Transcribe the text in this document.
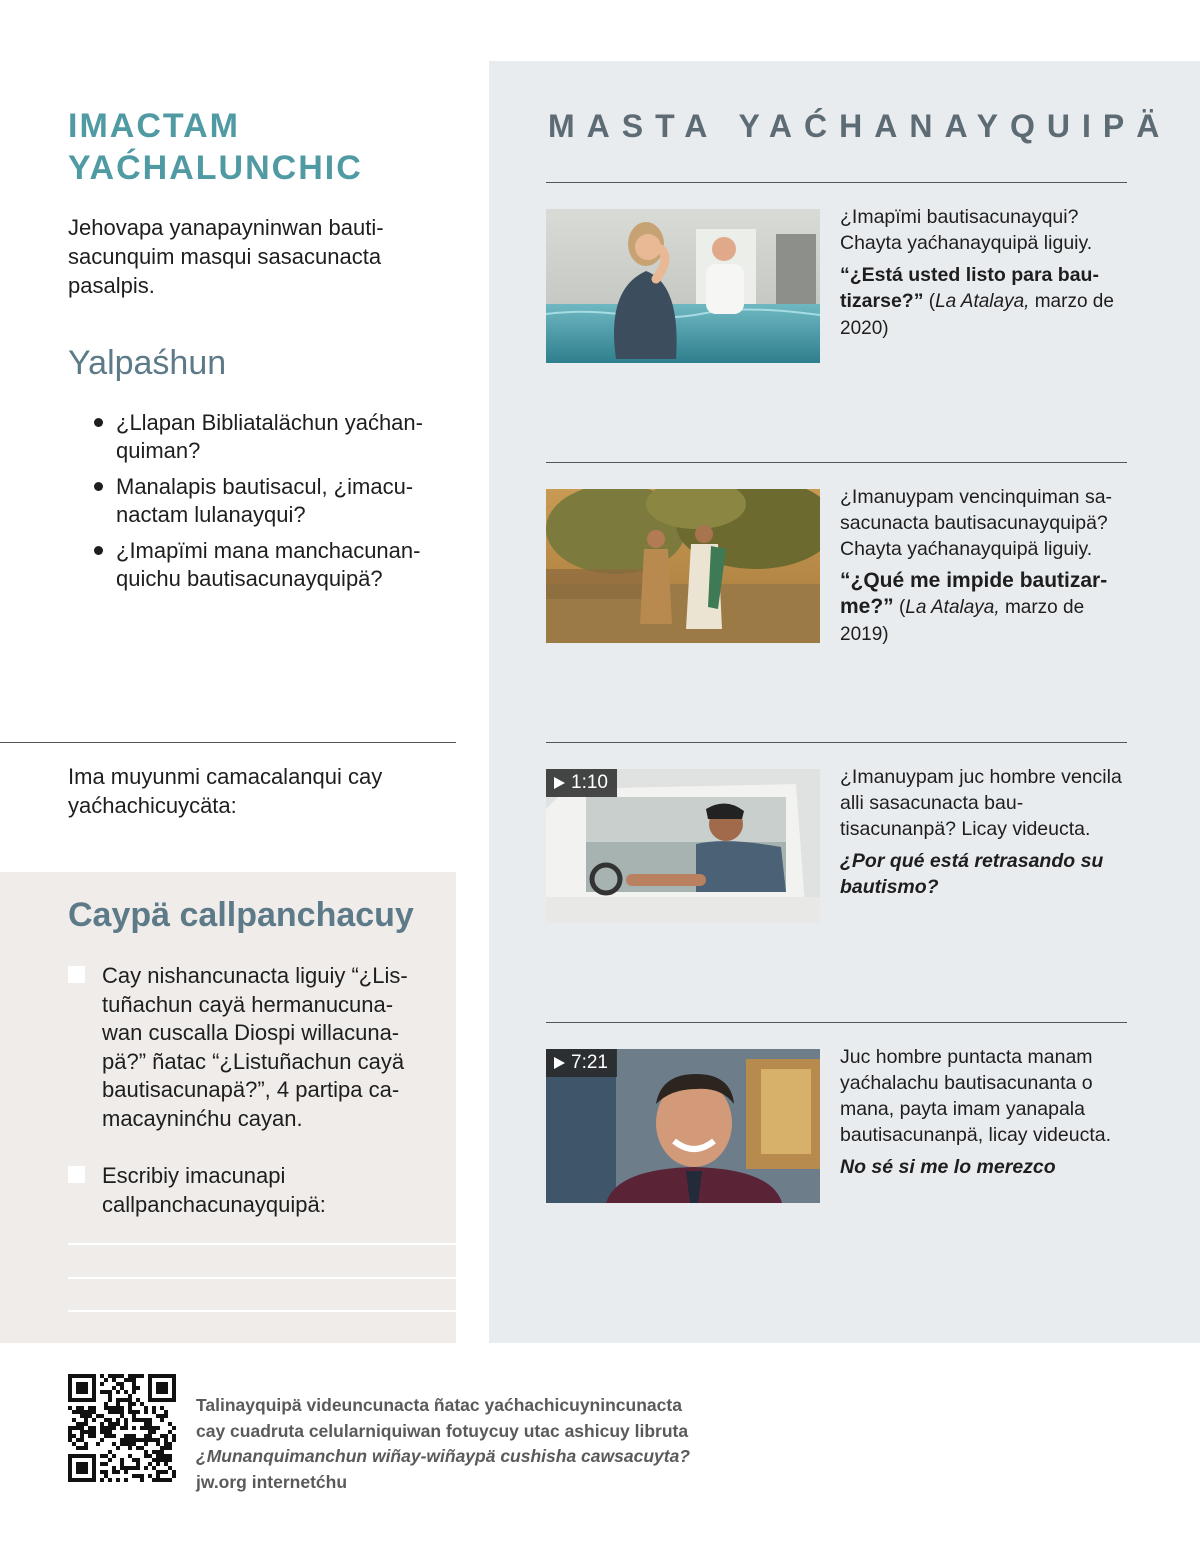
IMACTAM
YAĆHALUNCHIC

Jehovapa yanapayninwan bauti-sacunquim masqui sasacunacta pasalpis.

Yalpaśhun
¿Llapan Bibliatalächun yaćhan-quiman?
Manalapis bautisacul, ¿imacu-nactam lulanayqui?
¿Imapïmi mana manchacunan-quichu bautisacunayquipä?

Ima muyunmi camacalanqui cay yaćhachicuycäta:

Caypä callpanchacuy
Cay nishancunacta liguiy “¿Lis-tuñachun cayä hermanucuna-wan cuscalla Diospi willacuna-pä?” ñatac “¿Listuñachun cayä bautisacunapä?”, 4 partipa ca-macayninćhu cayan.
Escribiy imacunapi callpanchacunayquipä:
MASTA YAĆHANAYQUIPÄ
¿Imapïmi bautisacunayqui? Chayta yaćhanayquipä liguiy.
“¿Está usted listo para bau-tizarse?” (La Atalaya, marzo de 2020)
¿Imanuypam vencinquiman sa-sacunacta bautisacunayquipä? Chayta yaćhanayquipä liguiy.
“¿Qué me impide bautizar-me?” (La Atalaya, marzo de 2019)
1:10	¿Imanuypam juc hombre vencila alli sasacunacta bau-tisacunanpä? Licay videucta.
¿Por qué está retrasando su bautismo?
7:21	Juc hombre puntacta manam yaćhalachu bautisacunanta o mana, payta imam yanapala bautisacunanpä, licay videucta.
No sé si me lo merezco
Talinayquipä videuncunacta ñatac yaćhachicuynincunacta
cay cuadruta celularniquiwan fotuycuy utac ashicuy libruta
¿Munanquimanchun wiñay-wiñaypä cushisha cawsacuyta?
jw.org internetćhu
